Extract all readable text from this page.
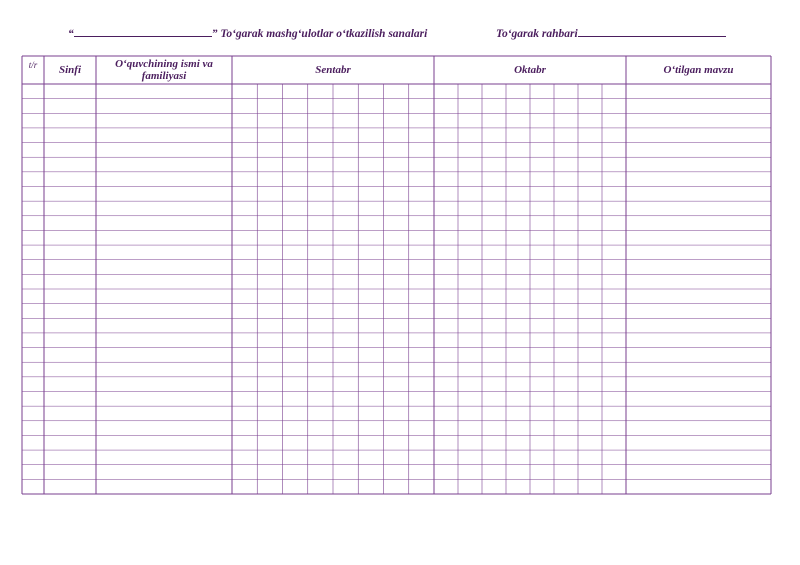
“	” To‘garak mashg‘ulotlar o‘tkazilish sanalari	To‘garak rahbari
t/r	Sinfi	O‘quvchining ismi va familiyasi	Sentabr	Oktabr	O‘tilgan mavzu
